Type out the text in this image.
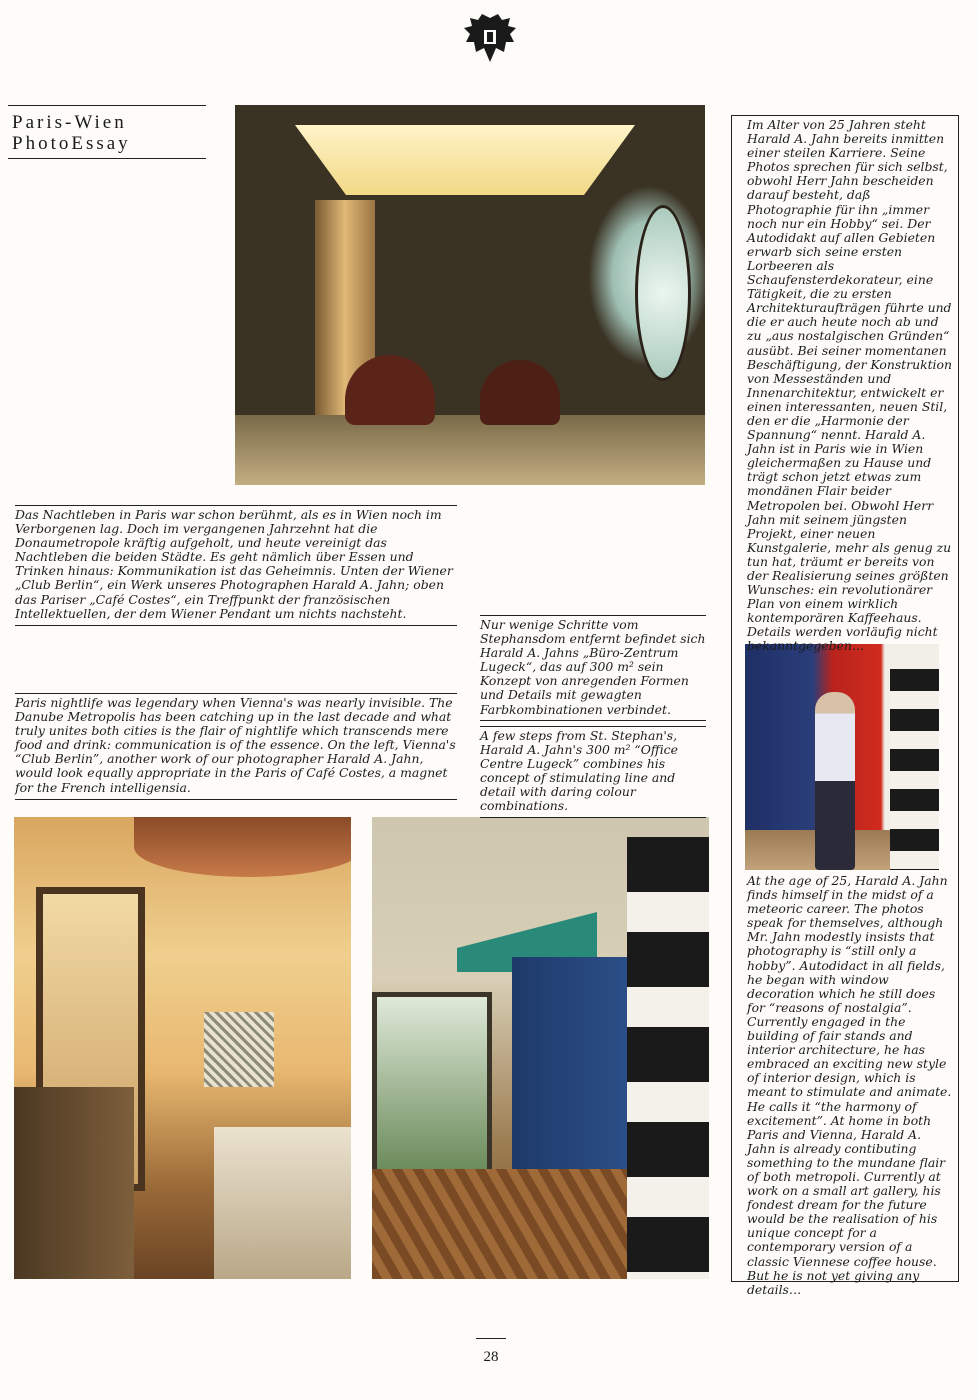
Paris-Wien
PhotoEssay

Das Nachtleben in Paris war schon berühmt, als es in Wien noch im Verborgenen lag. Doch im vergangenen Jahrzehnt hat die Donaumetropole kräftig aufgeholt, und heute vereinigt das Nachtleben die beiden Städte. Es geht nämlich über Essen und Trinken hinaus: Kommunikation ist das Geheimnis. Unten der Wiener „Club Berlin“, ein Werk unseres Photographen Harald A. Jahn; oben das Pariser „Café Costes“, ein Treffpunkt der französischen Intellektuellen, der dem Wiener Pendant um nichts nachsteht.

Paris nightlife was legendary when Vienna's was nearly invisible. The Danube Metropolis has been catching up in the last decade and what truly unites both cities is the flair of nightlife which transcends mere food and drink: communication is of the essence. On the left, Vienna's “Club Berlin”, another work of our photographer Harald A. Jahn, would look equally appropriate in the Paris of Café Costes, a magnet for the French intelligensia.

Nur wenige Schritte vom Stephansdom entfernt befindet sich Harald A. Jahns „Büro-Zentrum Lugeck“, das auf 300 m² sein Konzept von anregenden Formen und Details mit gewagten Farbkombinationen verbindet.

A few steps from St. Stephan's, Harald A. Jahn's 300 m² “Office Centre Lugeck” combines his concept of stimulating line and detail with daring colour combinations.

Im Alter von 25 Jahren steht Harald A. Jahn bereits inmitten einer steilen Karriere. Seine Photos sprechen für sich selbst, obwohl Herr Jahn bescheiden darauf besteht, daß Photographie für ihn „immer noch nur ein Hobby“ sei. Der Autodidakt auf allen Gebieten erwarb sich seine ersten Lorbeeren als Schaufensterdekorateur, eine Tätigkeit, die zu ersten Architekturaufträgen führte und die er auch heute noch ab und zu „aus nostalgischen Gründen“ ausübt. Bei seiner momentanen Beschäftigung, der Konstruktion von Messeständen und Innenarchitektur, entwickelt er einen interessanten, neuen Stil, den er die „Harmonie der Spannung“ nennt. Harald A. Jahn ist in Paris wie in Wien gleichermaßen zu Hause und trägt schon jetzt etwas zum mondänen Flair beider Metropolen bei. Obwohl Herr Jahn mit seinem jüngsten Projekt, einer neuen Kunstgalerie, mehr als genug zu tun hat, träumt er bereits von der Realisierung seines größten Wunsches: ein revolutionärer Plan von einem wirklich kontemporären Kaffeehaus. Details werden vorläufig nicht bekanntgegeben…

At the age of 25, Harald A. Jahn finds himself in the midst of a meteoric career. The photos speak for themselves, although Mr. Jahn modestly insists that photography is “still only a hobby”. Autodidact in all fields, he began with window decoration which he still does for “reasons of nostalgia”. Currently engaged in the building of fair stands and interior architecture, he has embraced an exciting new style of interior design, which is meant to stimulate and animate. He calls it “the harmony of excitement”. At home in both Paris and Vienna, Harald A. Jahn is already contibuting something to the mundane flair of both metropoli. Currently at work on a small art gallery, his fondest dream for the future would be the realisation of his unique concept for a contemporary version of a classic Viennese coffee house. But he is not yet giving any details…

28
